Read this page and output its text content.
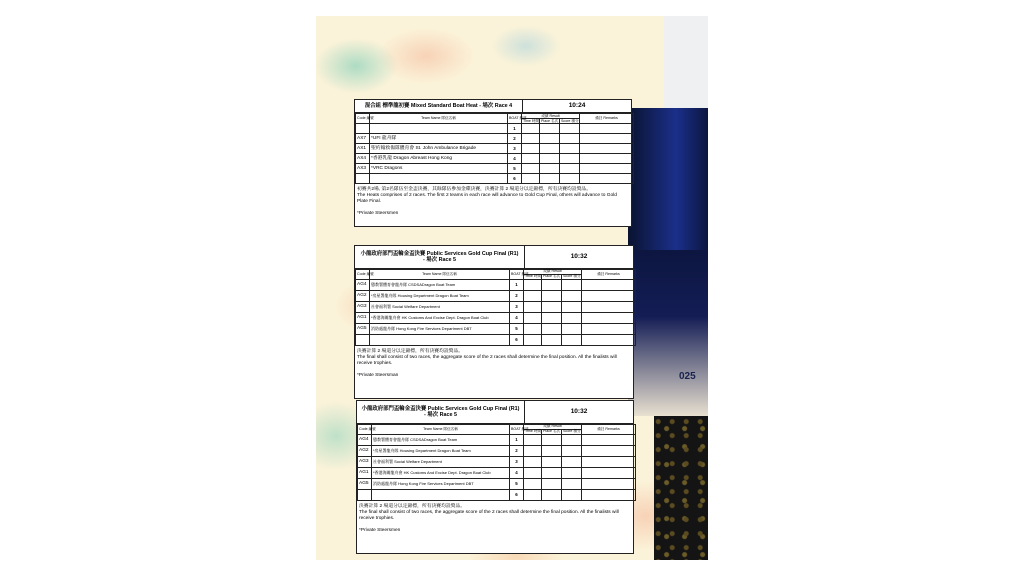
025
混合組 標準龍初賽 Mixed Standard Boat Heat - 場次 Race 4	10:24
Code 編號	Team Name 隊伍名稱	BOAT 航道	成績 Result			備註 Remarks
			Time 時間	Place 名次	Score 積分	
		1				
AX7	*UFI 龍舟隊	2				
AX1	聖約翰救傷隊體育會 St. John Ambulance Brigade	3				
AX4	*香港乳龍 Dragon Abreast Hong Kong	4				
AX3	*VRC Dragons	5				
		6				

初賽共2場, 第2名隊伍至金盃決賽，其餘隊伍參加金碟決賽，決賽計算 2 場道分以定錦標，所有決賽均設獎品。

The Heats comprises of 2 races. The first 2 teams in each race will advance to Gold Cup Final, others will advance to Gold Plate Final.

*Private Steersmen

小龍政府部門盃輪金盃決賽 Public Services Gold Cup Final (R1) - 場次 Race 5	10:32
Code 編號	Team Name 隊伍名稱	BOAT 航道	成績 Result			備註 Remarks
			Time 時間	Place 名次	Score 積分	
AG4	懲教署體育會龍舟隊 CSDSADragon Boat Team	1				
AG2	*房屋署龍舟隊 Housing Department Dragon Boat Team	2				
AG3	社會福利署 Social Welfare Department	3				
AG1	*香港海關龍舟會 HK Customs And Excise Dept. Dragon Boat Club	4				
AG5	消防處龍舟隊 Hong Kong Fire Services Department DBT	5				
		6				

決賽計算 2 場道分以定錦標，所有決賽均設獎品。

The final shall consist of two races, the aggregate score of the 2 races shall determine the final position. All the finalists will receive trophies.

*Private Steersman

小龍政府部門盃輪金盃決賽 Public Services Gold Cup Final (R1) - 場次 Race 5	10:32
Code 編號	Team Name 隊伍名稱	BOAT 航道	成績 Result			備註 Remarks
			Time 時間	Place 名次	Score 積分	
AG4	懲教署體育會龍舟隊 CSDSADragon Boat Team	1				
AG2	*房屋署龍舟隊 Housing Department Dragon Boat Team	2				
AG3	社會福利署 Social Welfare Department	3				
AG1	*香港海關龍舟會 HK Customs And Excise Dept. Dragon Boat Club	4				
AG5	消防處龍舟隊 Hong Kong Fire Services Department DBT	5				
		6				

決賽計算 2 場道分以定錦標，所有決賽均設獎品。

The final shall consist of two races, the aggregate score of the 2 races shall determine the final position. All the finalists will receive trophies.

*Private Steersmen
